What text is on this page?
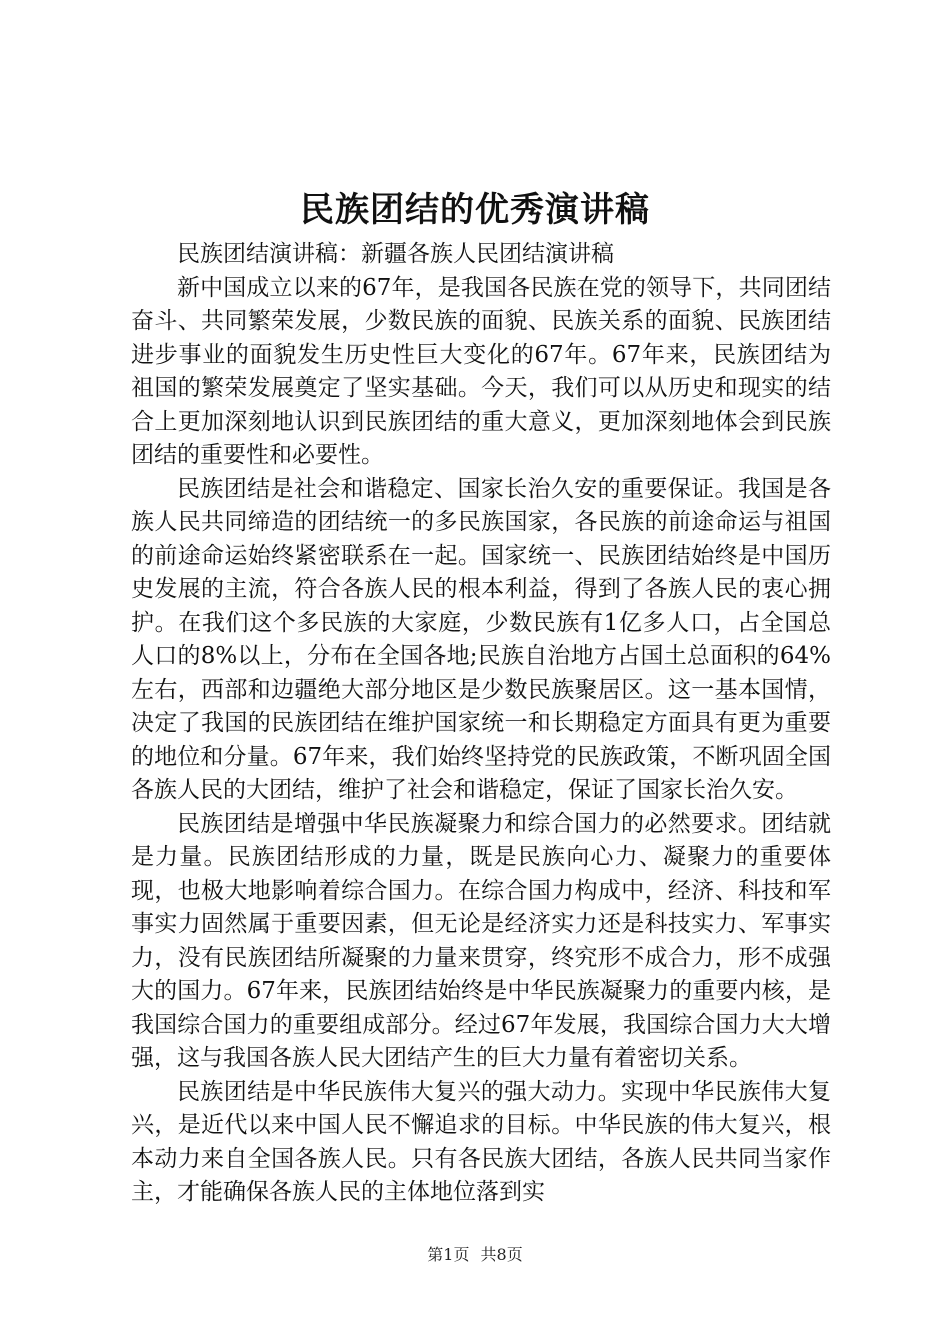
民族团结的优秀演讲稿

民族团结演讲稿：新疆各族人民团结演讲稿

新中国成立以来的67年，是我国各民族在党的领导下，共同团结奋斗、共同繁荣发展，少数民族的面貌、民族关系的面貌、民族团结进步事业的面貌发生历史性巨大变化的67年。67年来，民族团结为祖国的繁荣发展奠定了坚实基础。今天，我们可以从历史和现实的结合上更加深刻地认识到民族团结的重大意义，更加深刻地体会到民族团结的重要性和必要性。

民族团结是社会和谐稳定、国家长治久安的重要保证。我国是各族人民共同缔造的团结统一的多民族国家，各民族的前途命运与祖国的前途命运始终紧密联系在一起。国家统一、民族团结始终是中国历史发展的主流，符合各族人民的根本利益，得到了各族人民的衷心拥护。在我们这个多民族的大家庭，少数民族有1亿多人口，占全国总人口的8%以上，分布在全国各地;民族自治地方占国土总面积的64%左右，西部和边疆绝大部分地区是少数民族聚居区。这一基本国情，决定了我国的民族团结在维护国家统一和长期稳定方面具有更为重要的地位和分量。67年来，我们始终坚持党的民族政策，不断巩固全国各族人民的大团结，维护了社会和谐稳定，保证了国家长治久安。

民族团结是增强中华民族凝聚力和综合国力的必然要求。团结就是力量。民族团结形成的力量，既是民族向心力、凝聚力的重要体现，也极大地影响着综合国力。在综合国力构成中，经济、科技和军事实力固然属于重要因素，但无论是经济实力还是科技实力、军事实力，没有民族团结所凝聚的力量来贯穿，终究形不成合力，形不成强大的国力。67年来，民族团结始终是中华民族凝聚力的重要内核，是我国综合国力的重要组成部分。经过67年发展，我国综合国力大大增强，这与我国各族人民大团结产生的巨大力量有着密切关系。

民族团结是中华民族伟大复兴的强大动力。实现中华民族伟大复兴，是近代以来中国人民不懈追求的目标。中华民族的伟大复兴，根本动力来自全国各族人民。只有各民族大团结，各族人民共同当家作主，才能确保各族人民的主体地位落到实

第1页 共8页
